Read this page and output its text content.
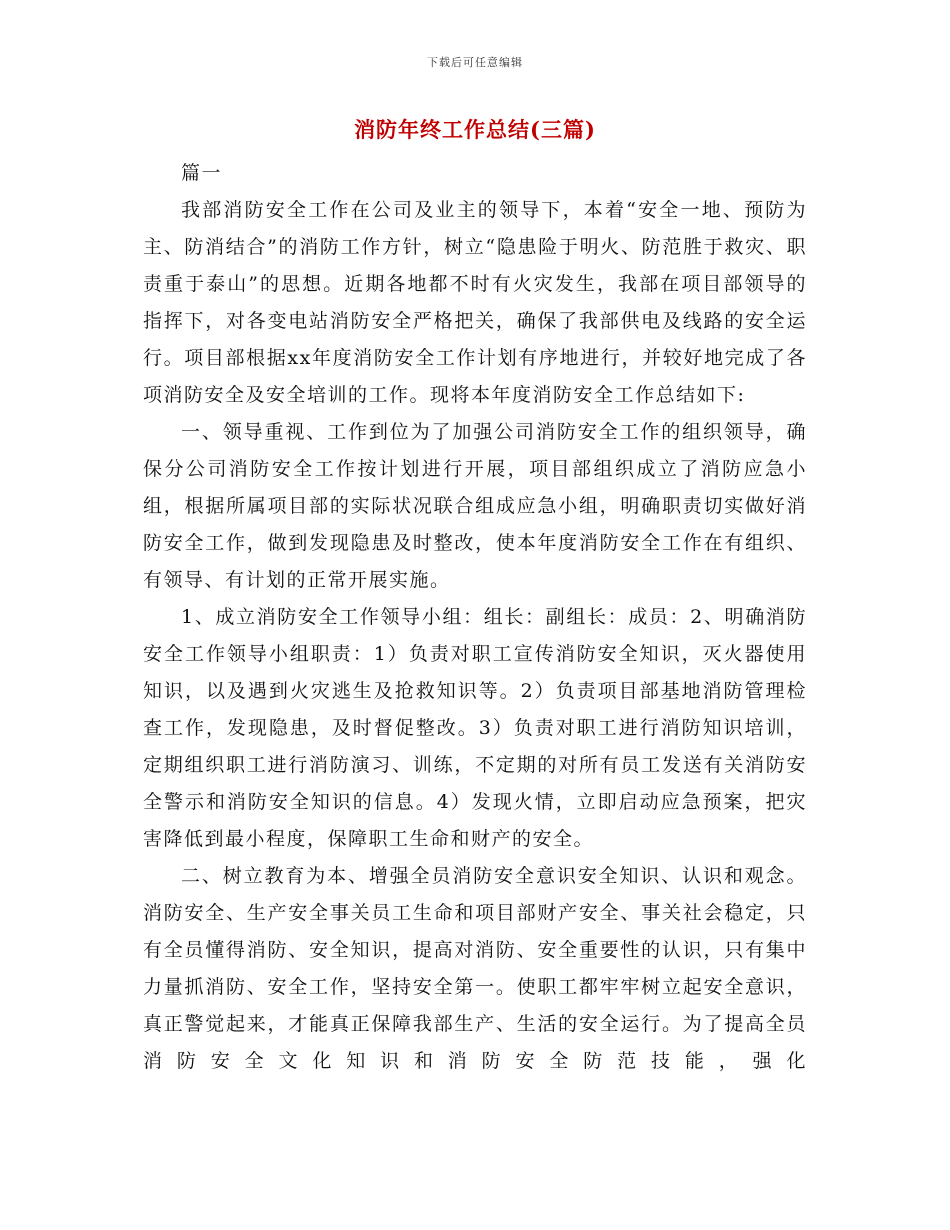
下载后可任意编辑
消防年终工作总结(三篇)

篇一

我部消防安全工作在公司及业主的领导下，本着“安全一地、预防为主、防消结合”的消防工作方针，树立“隐患险于明火、防范胜于救灾、职责重于泰山”的思想。近期各地都不时有火灾发生，我部在项目部领导的指挥下，对各变电站消防安全严格把关，确保了我部供电及线路的安全运行。项目部根据xx年度消防安全工作计划有序地进行，并较好地完成了各项消防安全及安全培训的工作。现将本年度消防安全工作总结如下:

一、领导重视、工作到位为了加强公司消防安全工作的组织领导，确保分公司消防安全工作按计划进行开展，项目部组织成立了消防应急小组，根据所属项目部的实际状况联合组成应急小组，明确职责切实做好消防安全工作，做到发现隐患及时整改，使本年度消防安全工作在有组织、有领导、有计划的正常开展实施。

1、成立消防安全工作领导小组：组长：副组长：成员：2、明确消防安全工作领导小组职责：1）负责对职工宣传消防安全知识，灭火器使用知识，以及遇到火灾逃生及抢救知识等。2）负责项目部基地消防管理检查工作，发现隐患，及时督促整改。3）负责对职工进行消防知识培训，定期组织职工进行消防演习、训练，不定期的对所有员工发送有关消防安全警示和消防安全知识的信息。4）发现火情，立即启动应急预案，把灾害降低到最小程度，保障职工生命和财产的安全。

二、树立教育为本、增强全员消防安全意识安全知识、认识和观念。消防安全、生产安全事关员工生命和项目部财产安全、事关社会稳定，只有全员懂得消防、安全知识，提高对消防、安全重要性的认识，只有集中力量抓消防、安全工作，坚持安全第一。使职工都牢牢树立起安全意识，真正警觉起来，才能真正保障我部生产、生活的安全运行。为了提高全员消防安全文化知识和消防安全防范技能，强化
